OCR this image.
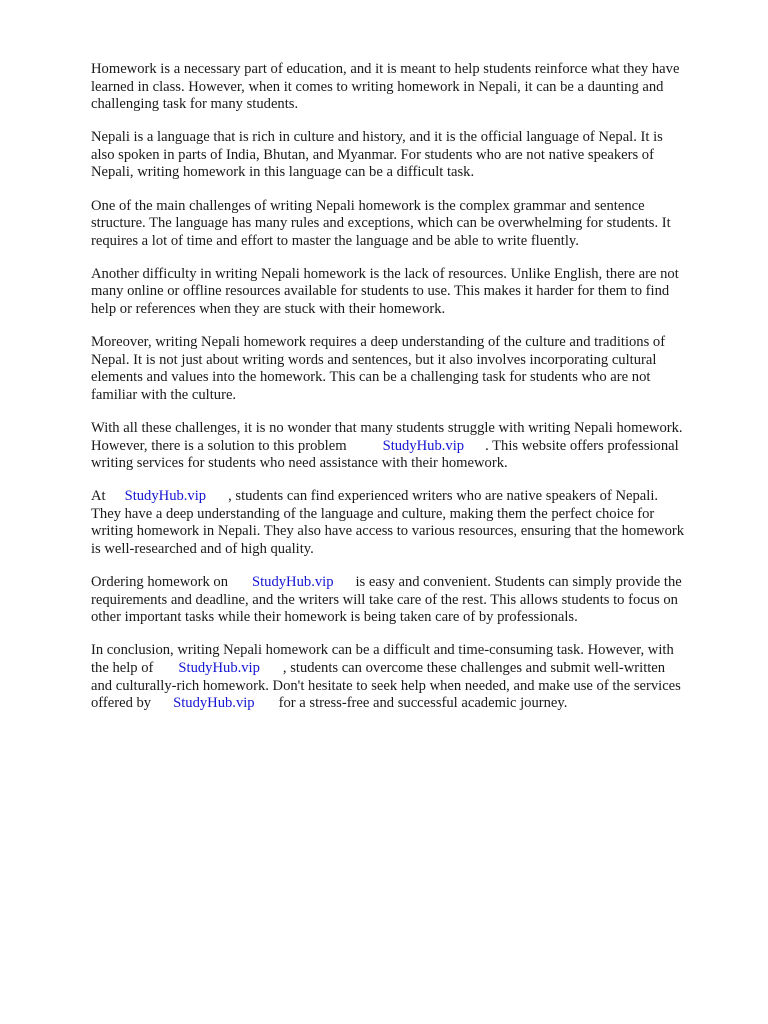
Homework is a necessary part of education, and it is meant to help students reinforce what they have
learned in class. However, when it comes to writing homework in Nepali, it can be a daunting and
challenging task for many students.

Nepali is a language that is rich in culture and history, and it is the official language of Nepal. It is
also spoken in parts of India, Bhutan, and Myanmar. For students who are not native speakers of
Nepali, writing homework in this language can be a difficult task.

One of the main challenges of writing Nepali homework is the complex grammar and sentence
structure. The language has many rules and exceptions, which can be overwhelming for students. It
requires a lot of time and effort to master the language and be able to write fluently.

Another difficulty in writing Nepali homework is the lack of resources. Unlike English, there are not
many online or offline resources available for students to use. This makes it harder for them to find
help or references when they are stuck with their homework.

Moreover, writing Nepali homework requires a deep understanding of the culture and traditions of
Nepal. It is not just about writing words and sentences, but it also involves incorporating cultural
elements and values into the homework. This can be a challenging task for students who are not
familiar with the culture.

With all these challenges, it is no wonder that many students struggle with writing Nepali homework.
However, there is a solution to this problem StudyHub.vip . This website offers professional
writing services for students who need assistance with their homework.

At StudyHub.vip , students can find experienced writers who are native speakers of Nepali.
They have a deep understanding of the language and culture, making them the perfect choice for
writing homework in Nepali. They also have access to various resources, ensuring that the homework
is well-researched and of high quality.

Ordering homework on StudyHub.vip is easy and convenient. Students can simply provide the
requirements and deadline, and the writers will take care of the rest. This allows students to focus on
other important tasks while their homework is being taken care of by professionals.

In conclusion, writing Nepali homework can be a difficult and time-consuming task. However, with
the help of StudyHub.vip , students can overcome these challenges and submit well-written
and culturally-rich homework. Don't hesitate to seek help when needed, and make use of the services
offered by StudyHub.vip for a stress-free and successful academic journey.
